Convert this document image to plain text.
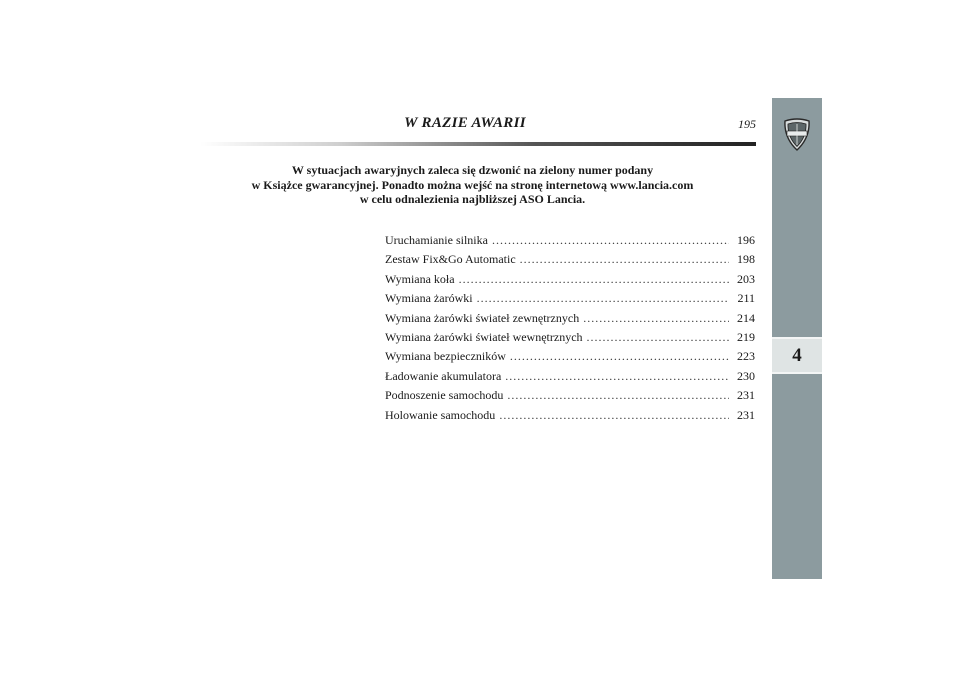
W RAZIE AWARII	195
W sytuacjach awaryjnych zaleca się dzwonić na zielony numer podany
w Książce gwarancyjnej. Ponadto można wejść na stronę internetową www.lancia.com
w celu odnalezienia najbliższej ASO Lancia.
Uruchamianie silnika .....	196
Zestaw Fix&Go Automatic .....	198
Wymiana koła .....	203
Wymiana żarówki .....	211
Wymiana żarówki świateł zewnętrznych .....	214
Wymiana żarówki świateł wewnętrznych .....	219
Wymiana bezpieczników .....	223
Ładowanie akumulatora .....	230
Podnoszenie samochodu .....	231
Holowanie samochodu .....	231
4
